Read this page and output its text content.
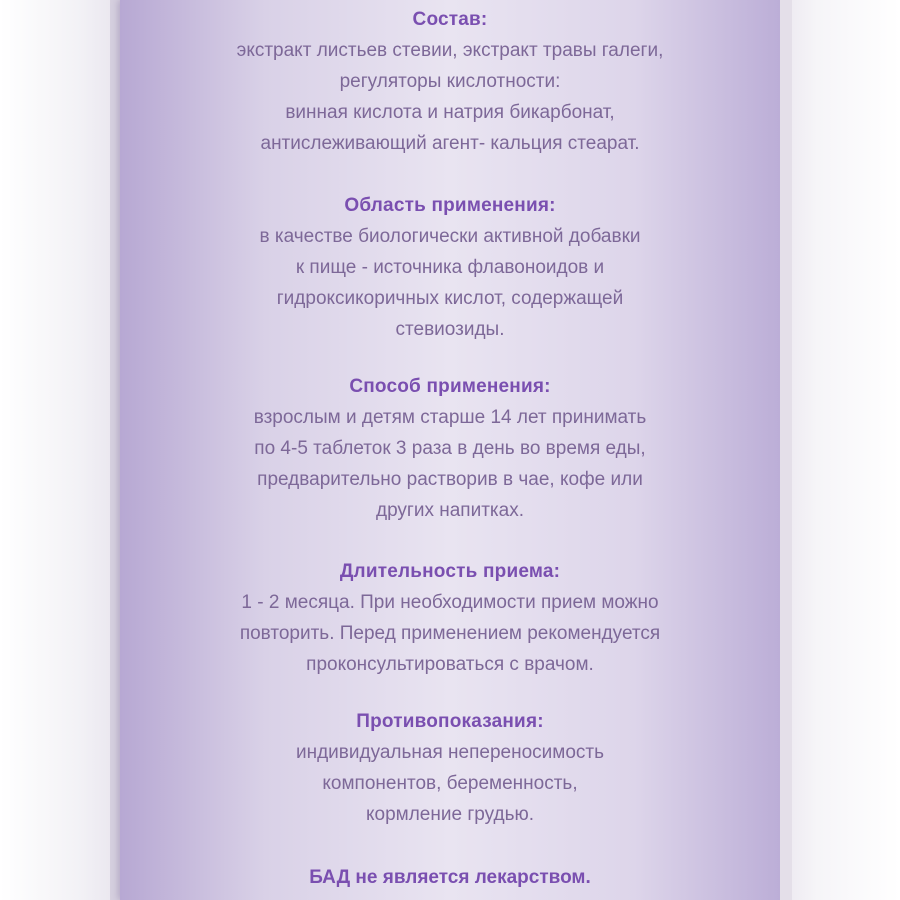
Состав:
экстракт листьев стевии, экстракт травы галеги,
регуляторы кислотности:
винная кислота и натрия бикарбонат,
антислеживающий агент- кальция стеарат.
Область применения:
в качестве биологически активной добавки
к пище - источника флавоноидов и
гидроксикоричных кислот, содержащей
стевиозиды.
Способ применения:
взрослым и детям старше 14 лет принимать
по 4-5 таблеток 3 раза в день во время еды,
предварительно растворив в чае, кофе или
других напитках.
Длительность приема:
1 - 2 месяца. При необходимости прием можно
повторить. Перед применением рекомендуется
проконсультироваться с врачом.
Противопоказания:
индивидуальная непереносимость
компонентов, беременность,
кормление грудью.
БАД не является лекарством.
